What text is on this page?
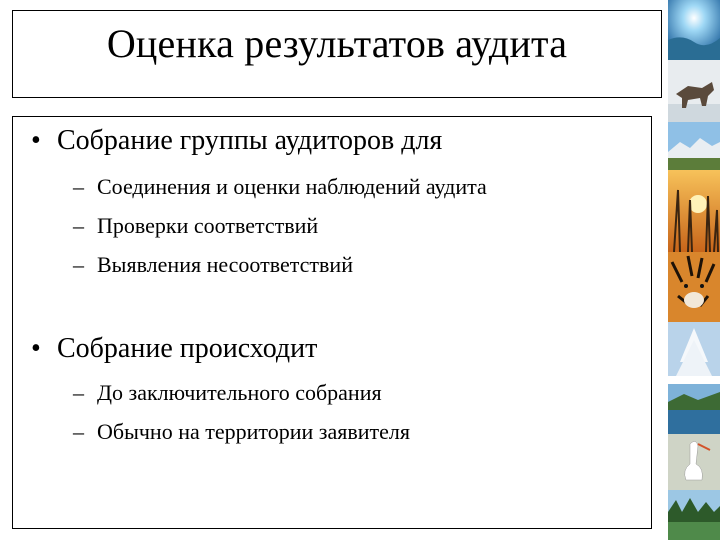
Оценка результатов аудита
• Собрание группы аудиторов для
– Соединения и оценки наблюдений аудита
– Проверки соответствий
– Выявления несоответствий
• Собрание происходит
– До заключительного собрания
– Обычно на территории заявителя
